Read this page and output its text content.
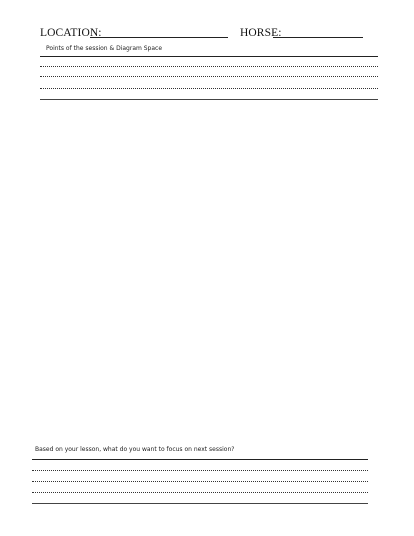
LOCATION:	HORSE:
Points of the session & Diagram Space
Based on your lesson, what do you want to focus on next session?
